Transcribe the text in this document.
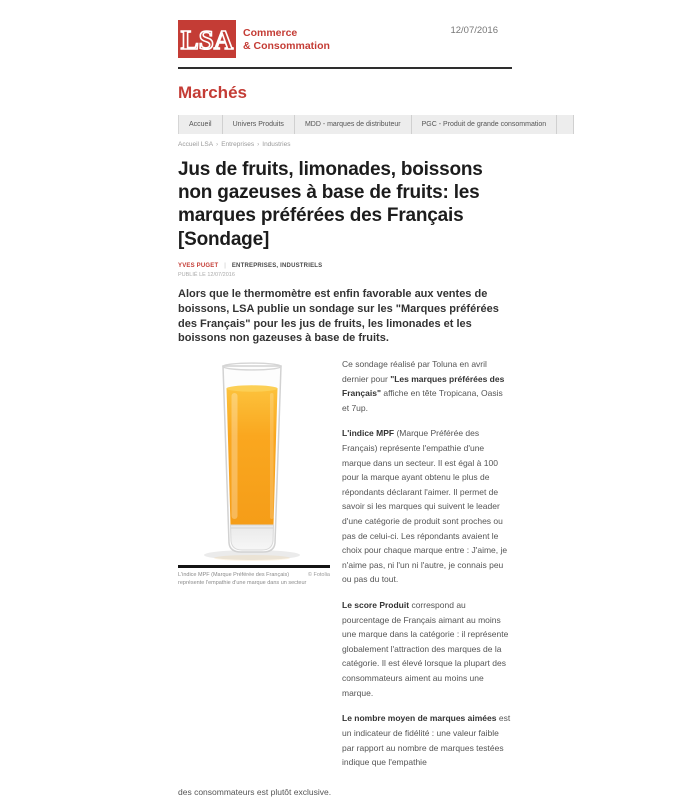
LSA Commerce
& Consommation
12/07/2016
Marchés
Accueil	Univers Produits	MDD - marques de distributeur	PGC - Produit de grande consommation
Accueil LSA › Entreprises › Industries
Jus de fruits, limonades, boissons non gazeuses à base de fruits: les marques préférées des Français [Sondage]
YVES PUGET | ENTREPRISES, INDUSTRIELS
PUBLIÉ LE 12/07/2016

Alors que le thermomètre est enfin favorable aux ventes de boissons, LSA publie un sondage sur les "Marques préférées des Français" pour les jus de fruits, les limonades et les boissons non gazeuses à base de fruits.

© Fotolia
L'indice MPF (Marque Préférée des Français) représente l'empathie d'une marque dans un secteur

Ce sondage réalisé par Toluna en avril dernier pour "Les marques préférées des Français" affiche en tête Tropicana, Oasis et 7up.

L'indice MPF (Marque Préférée des Français) représente l'empathie d'une marque dans un secteur. Il est égal à 100 pour la marque ayant obtenu le plus de répondants déclarant l'aimer. Il permet de savoir si les marques qui suivent le leader d'une catégorie de produit sont proches ou pas de celui-ci. Les répondants avaient le choix pour chaque marque entre : J'aime, je n'aime pas, ni l'un ni l'autre, je connais peu ou pas du tout.

Le score Produit correspond au pourcentage de Français aimant au moins une marque dans la catégorie : il représente globalement l'attraction des marques de la catégorie. Il est élevé lorsque la plupart des consommateurs aiment au moins une marque.

Le nombre moyen de marques aimées est un indicateur de fidélité : une valeur faible par rapport au nombre de marques testées indique que l'empathie

des consommateurs est plutôt exclusive.
